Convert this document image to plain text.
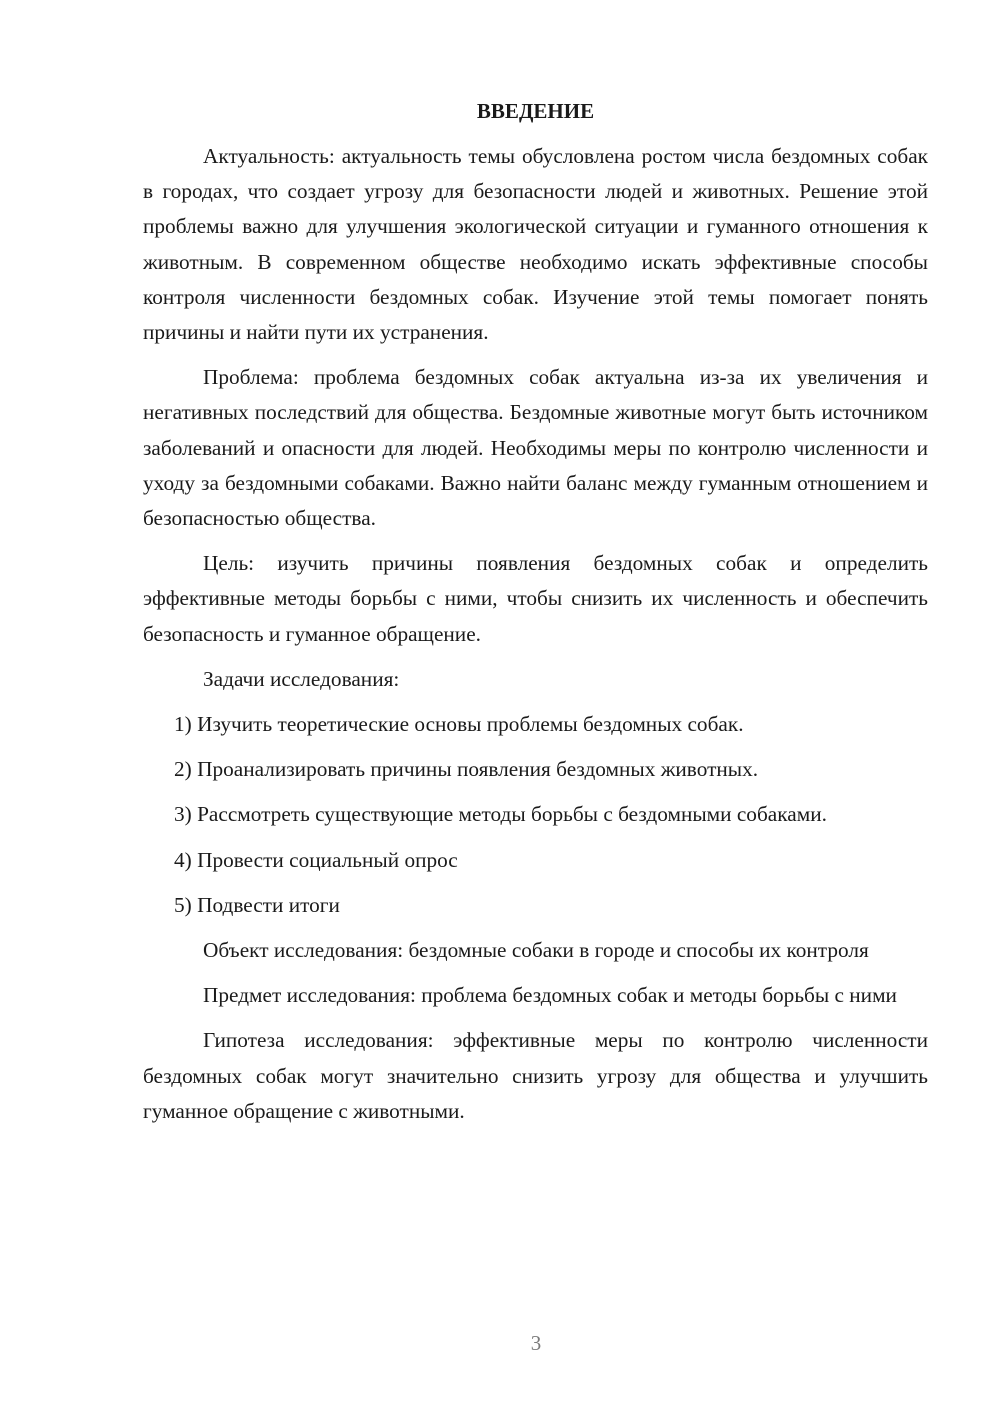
ВВЕДЕНИЕ

Актуальность: актуальность темы обусловлена ростом числа бездомных собак в городах, что создает угрозу для безопасности людей и животных. Решение этой проблемы важно для улучшения экологической ситуации и гуманного отношения к животным. В современном обществе необходимо искать эффективные способы контроля численности бездомных собак. Изучение этой темы помогает понять причины и найти пути их устранения.

Проблема: проблема бездомных собак актуальна из-за их увеличения и негативных последствий для общества. Бездомные животные могут быть источником заболеваний и опасности для людей. Необходимы меры по контролю численности и уходу за бездомными собаками. Важно найти баланс между гуманным отношением и безопасностью общества.

Цель: изучить причины появления бездомных собак и определить эффективные методы борьбы с ними, чтобы снизить их численность и обеспечить безопасность и гуманное обращение.

Задачи исследования:

1) Изучить теоретические основы проблемы бездомных собак.

2) Проанализировать причины появления бездомных животных.

3) Рассмотреть существующие методы борьбы с бездомными собаками.

4) Провести социальный опрос

5) Подвести итоги

Объект исследования: бездомные собаки в городе и способы их контроля

Предмет исследования: проблема бездомных собак и методы борьбы с ними

Гипотеза исследования: эффективные меры по контролю численности бездомных собак могут значительно снизить угрозу для общества и улучшить гуманное обращение с животными.

3
